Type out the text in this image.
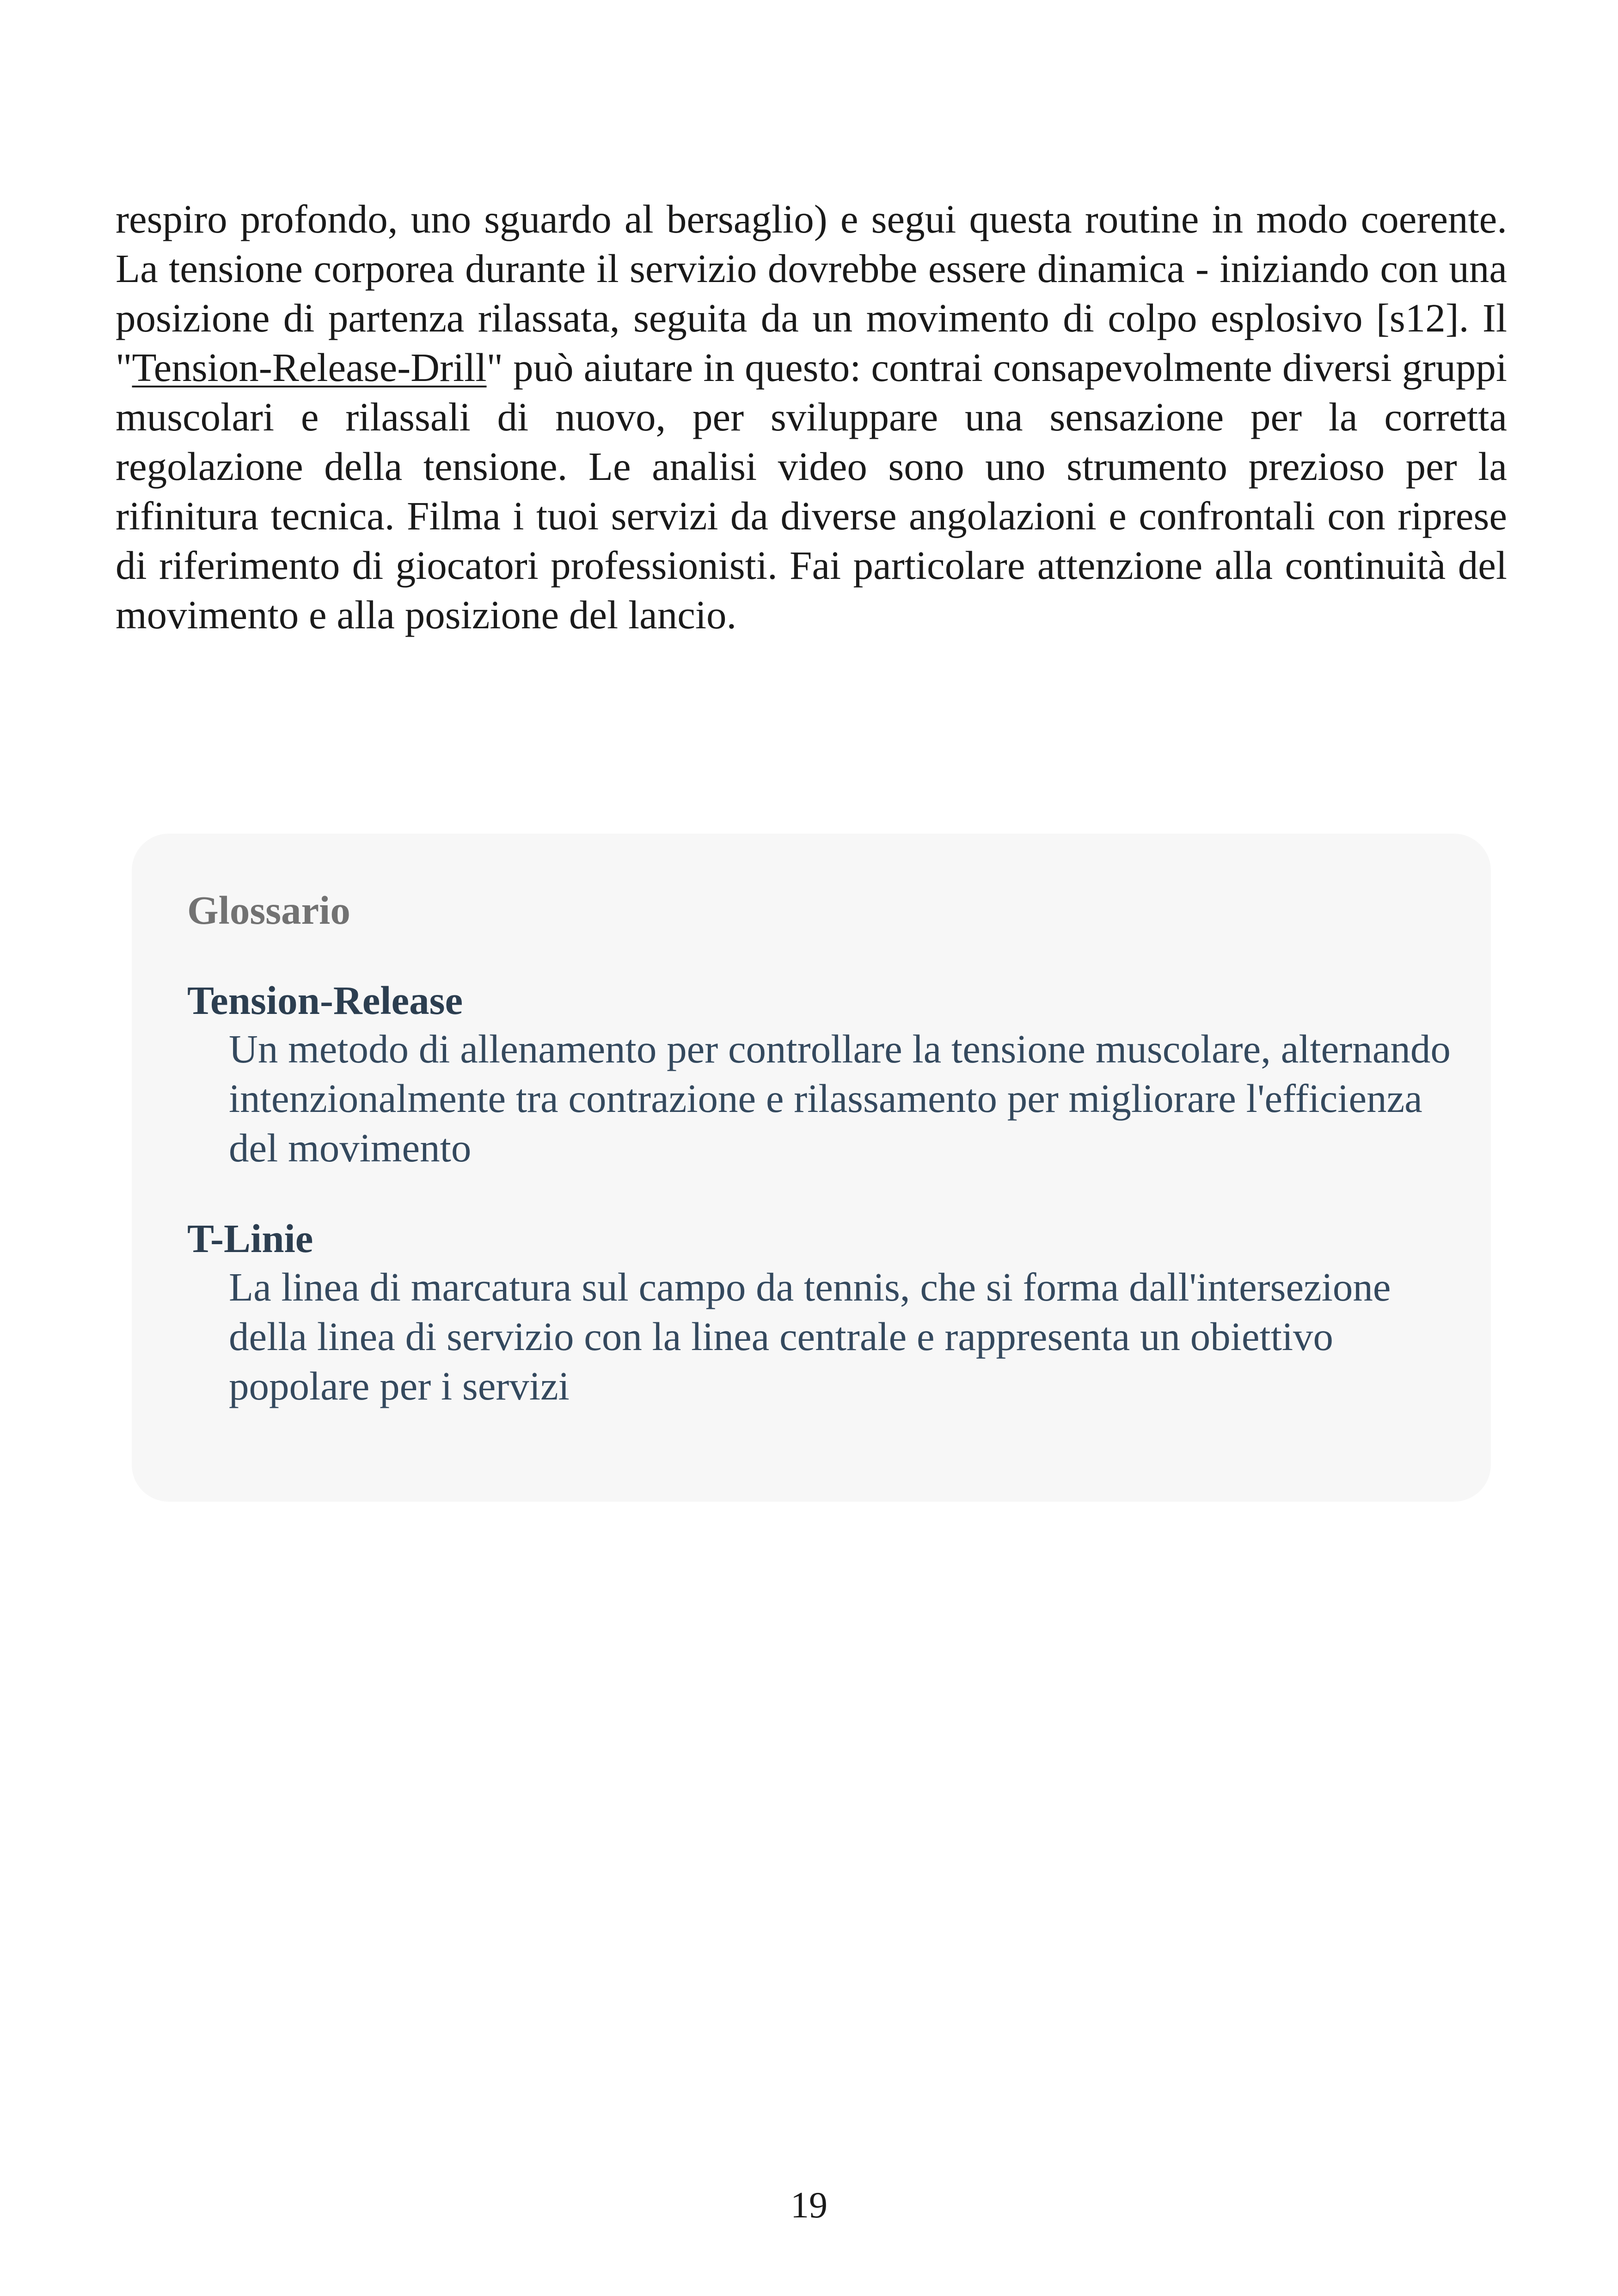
respiro profondo, uno sguardo al bersaglio) e segui questa routine in modo coerente. La tensione corporea durante il servizio dovrebbe essere dinamica - iniziando con una posizione di partenza rilassata, seguita da un movimento di colpo esplosivo [s12]. Il "Tension-Release-Drill" può aiutare in questo: contrai consapevolmente diversi gruppi muscolari e rilassali di nuovo, per sviluppare una sensazione per la corretta regolazione della tensione. Le analisi video sono uno strumento prezioso per la rifinitura tecnica. Filma i tuoi servizi da diverse angolazioni e confrontali con riprese di riferimento di giocatori professionisti. Fai particolare attenzione alla continuità del movimento e alla posizione del lancio.

Glossario

Tension-Release

Un metodo di allenamento per controllare la tensione muscolare, alternando intenzionalmente tra contrazione e rilassamento per migliorare l'efficienza del movimento

T-Linie

La linea di marcatura sul campo da tennis, che si forma dall'intersezione della linea di servizio con la linea centrale e rappresenta un obiettivo popolare per i servizi

19
